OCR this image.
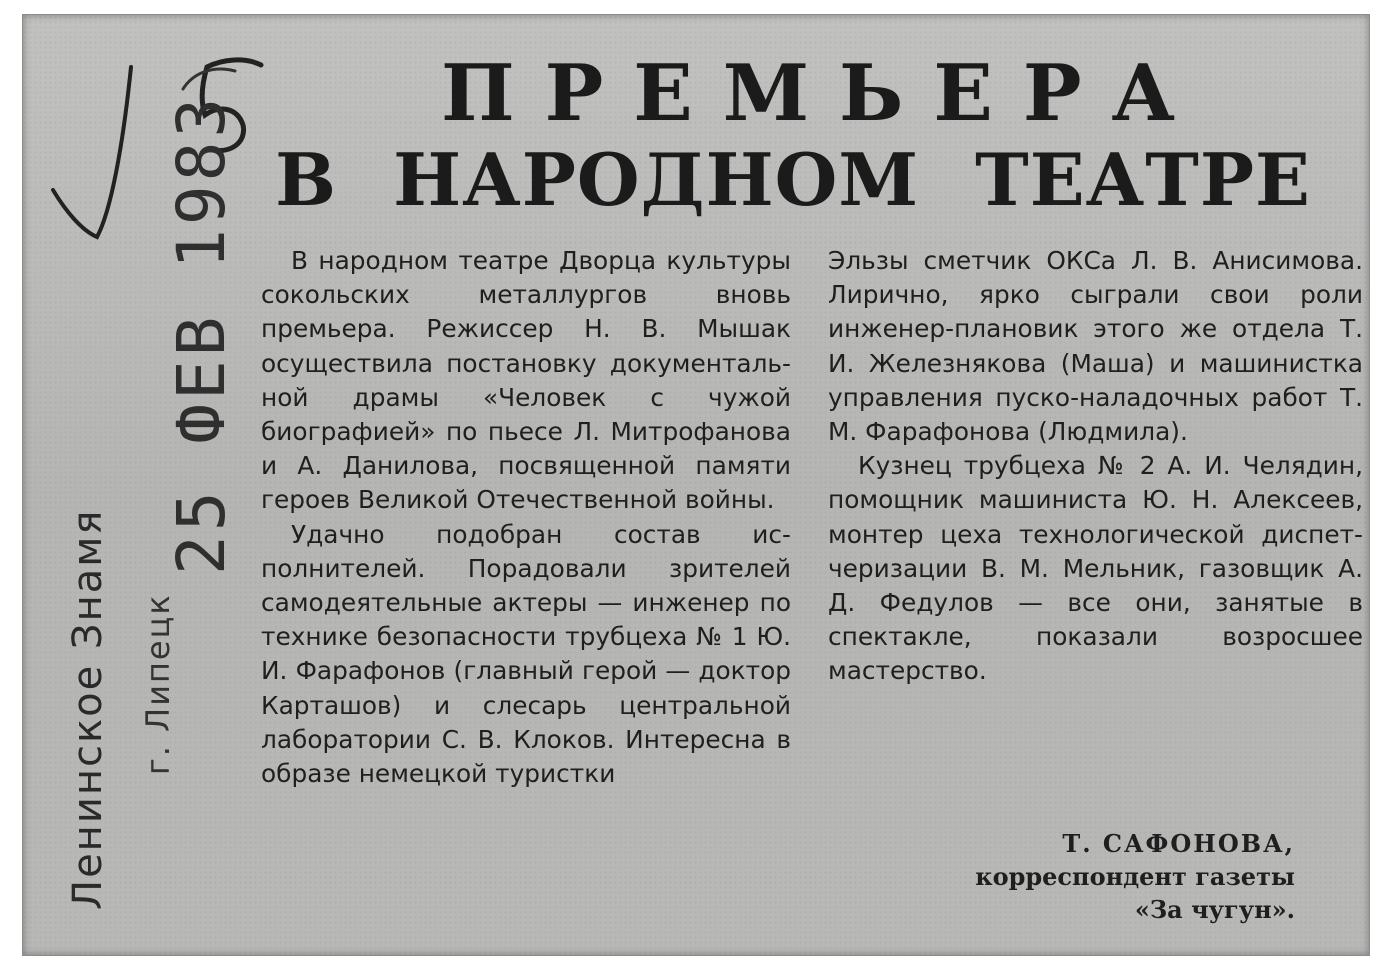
Ленинское Знамя г. Липецк
25 ФЕВ 1983
ПРЕМЬЕРА
В НАРОДНОМ ТЕАТРЕ

В народном театре Дворца культуры сокольских металлургов вновь премьера. Режиссер Н. В. Мышак осуществила постановку документальной драмы «Человек с чужой биографией» по пьесе Л. Митрофанова и А. Данилова, посвященной памяти героев Великой Отечественной войны.

Удачно подобран состав исполнителей. Порадовали зрителей самодеятельные актеры — инженер по технике безопасности трубцеха № 1 Ю. И. Фарафонов (главный герой — доктор Карташов) и слесарь центральной лаборатории С. В. Клоков. Интересна в образе немецкой туристки

Эльзы сметчик ОКСа Л. В. Анисимова. Лирично, ярко сыграли свои роли инженер-плановик этого же отдела Т. И. Железнякова (Маша) и машинистка управления пуско-наладочных работ Т. М. Фарафонова (Людмила).

Кузнец трубцеха № 2 А. И. Челядин, помощник машиниста Ю. Н. Алексеев, монтер цеха технологической диспетчеризации В. М. Мельник, газовщик А. Д. Федулов — все они, занятые в спектакле, показали возросшее мастерство.

Т. САФОНОВА,
корреспондент газеты
«За чугун».
